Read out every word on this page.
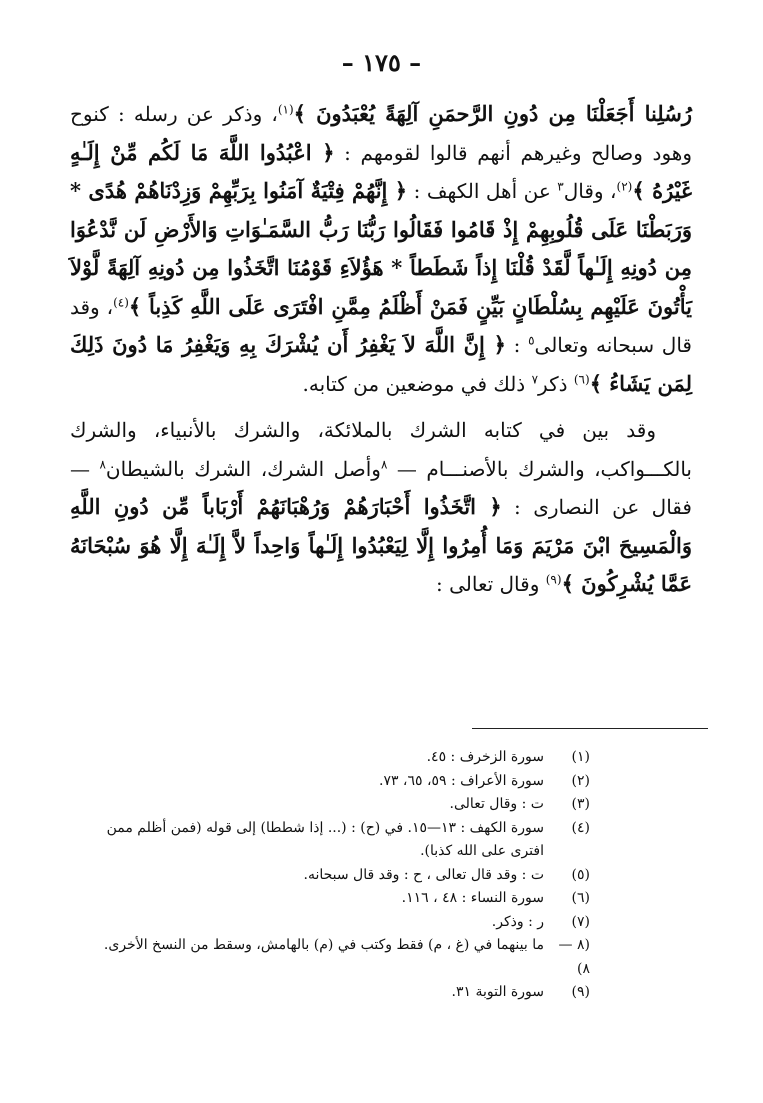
– ١٧٥ –

رُسُلِنا أَجَعَلْنَا مِن دُونِ الرَّحمَنِ آلِهَةً يُعْبَدُونَ ﴾$^{(١)}$، وذكر عن رسله : كنوح وهود وصالح وغيرهم أنهم قالوا لقومهم : ﴿ اعْبُدُوا اللَّهَ مَا لَكُم مِّنْ إِلَـٰهٍ غَيْرُهُ ﴾$^{(٢)}$، وقال$^٣$ عن أهل الكهف : ﴿ إِنَّهُمْ فِتْيَةٌ آمَنُوا بِرَبِّهِمْ وَزِدْنَاهُمْ هُدًى * وَرَبَطْنَا عَلَى قُلُوبِهِمْ إِذْ قَامُوا فَقَالُوا رَبُّنَا رَبُّ السَّمَـٰوَاتِ وَالأَرْضِ لَن نَّدْعُوَا مِن دُونِهِ إِلَـٰهاً لَّقَدْ قُلْنَا إِذاً شَطَطاً * هَؤُلاَءِ قَوْمُنَا اتَّخَذُوا مِن دُونِهِ آلِهَةً لَّوْلاَ يَأْتُونَ عَلَيْهِم بِسُلْطَانٍ بَيِّنٍ فَمَنْ أَظْلَمُ مِمَّنِ افْتَرَى عَلَى اللَّهِ كَذِباً ﴾$^{(٤)}$، وقد قال سبحانه وتعالى$^٥$ : ﴿ إِنَّ اللَّهَ لاَ يَغْفِرُ أَن يُشْرَكَ بِهِ وَيَغْفِرُ مَا دُونَ ذَلِكَ لِمَن يَشَاءُ ﴾$^{(٦)}$ ذكر$^٧$ ذلك في موضعين من كتابه.

وقد بين في كتابه الشرك بالملائكة، والشرك بالأنبياء، والشرك بالكـــواكب، والشرك بالأصنـــام — $^٨$وأصل الشرك، الشرك بالشيطان$^٨$ — فقال عن النصارى : ﴿ اتَّخَذُوا أَحْبَارَهُمْ وَرُهْبَانَهُمْ أَرْبَاباً مِّن دُونِ اللَّهِ وَالْمَسِيحَ ابْنَ مَرْيَمَ وَمَا أُمِرُوا إِلَّا لِيَعْبُدُوا إِلَـٰهاً وَاحِداً لاَّ إِلَـٰهَ إِلَّا هُوَ سُبْحَانَهُ عَمَّا يُشْرِكُونَ ﴾$^{(٩)}$ وقال تعالى :

(١)
سورة الزخرف : ٤٥.
(٢)
سورة الأعراف : ٥٩، ٦٥، ٧٣.
(٣)
ت : وقال تعالى.
(٤)
سورة الكهف : ١٣—١٥. في (ح) : (... إذا شططا) إلى قوله (فمن أظلم ممن افترى على الله كذبا).
(٥)
ت : وقد قال تعالى ، ح : وقد قال سبحانه.
(٦)
سورة النساء : ٤٨ ، ١١٦.
(٧)
ر : وذكر.
(٨ — ٨)
ما بينهما في (غ ، م) فقط وكتب في (م) بالهامش، وسقط من النسخ الأخرى.
(٩)
سورة التوبة ٣١.
